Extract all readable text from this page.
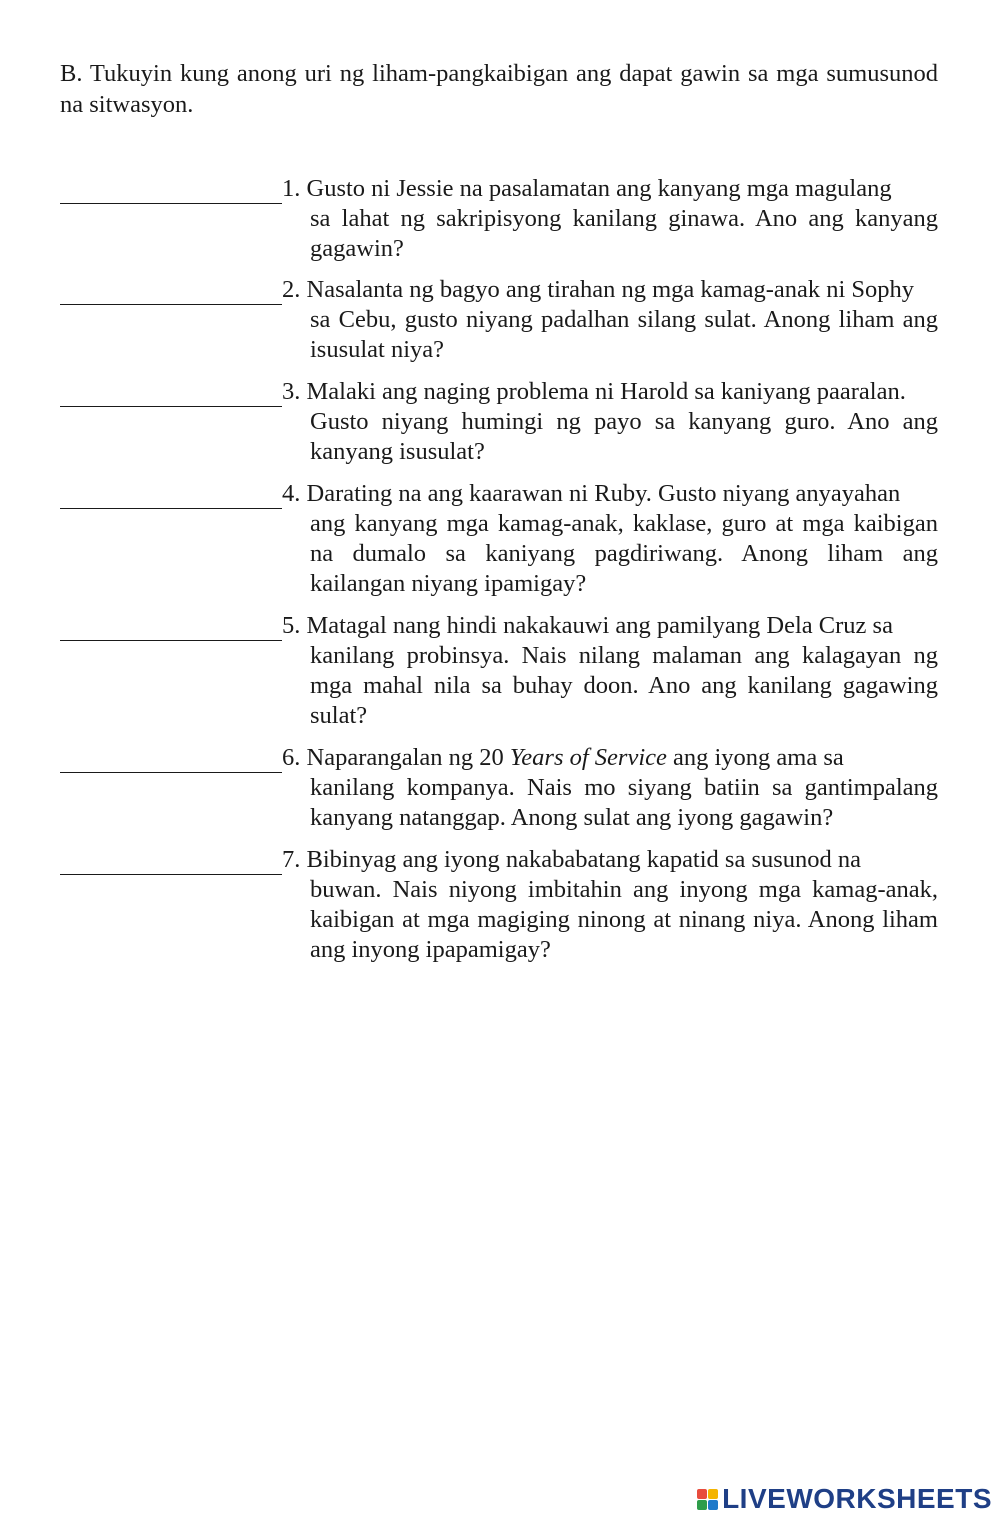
B. Tukuyin kung anong uri ng liham-pangkaibigan ang dapat gawin sa mga sumusunod na sitwasyon.

1. Gusto ni Jessie na pasalamatan ang kanyang mga magulang
sa lahat ng sakripisyong kanilang ginawa. Ano ang kanyang gagawin?
2. Nasalanta ng bagyo ang tirahan ng mga kamag-anak ni Sophy
sa Cebu, gusto niyang padalhan silang sulat. Anong liham ang isusulat niya?
3. Malaki ang naging problema ni Harold sa kaniyang paaralan.
Gusto niyang humingi ng payo sa kanyang guro. Ano ang kanyang isusulat?
4. Darating na ang kaarawan ni Ruby. Gusto niyang anyayahan
ang kanyang mga kamag-anak, kaklase, guro at mga kaibigan na dumalo sa kaniyang pagdiriwang. Anong liham ang kailangan niyang ipamigay?
5. Matagal nang hindi nakakauwi ang pamilyang Dela Cruz sa
kanilang probinsya. Nais nilang malaman ang kalagayan ng mga mahal nila sa buhay doon. Ano ang kanilang gagawing sulat?
6. Naparangalan ng 20 Years of Service ang iyong ama sa
kanilang kompanya. Nais mo siyang batiin sa gantimpalang kanyang natanggap. Anong sulat ang iyong gagawin?
7. Bibinyag ang iyong nakababatang kapatid sa susunod na
buwan. Nais niyong imbitahin ang inyong mga kamag-anak, kaibigan at mga magiging ninong at ninang niya. Anong liham ang inyong ipapamigay?
LIVEWORKSHEETS
